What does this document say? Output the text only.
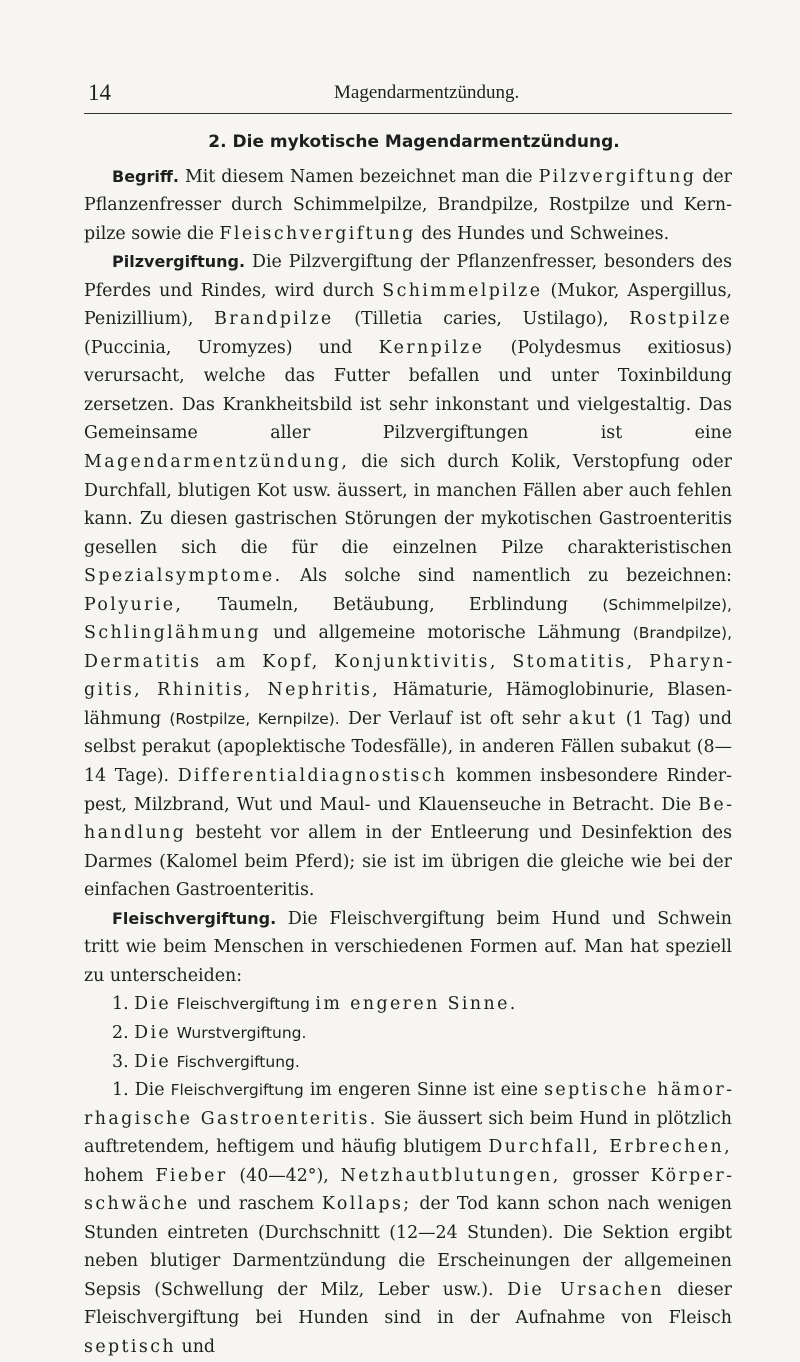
14	Magendarmentzündung.
2. Die mykotische Magendarmentzündung.

Begriff. Mit diesem Namen bezeichnet man die Pilzvergiftung der Pflanzenfresser durch Schimmelpilze, Brandpilze, Rostpilze und Kernpilze sowie die Fleischvergiftung des Hundes und Schweines.

Pilzvergiftung. Die Pilzvergiftung der Pflanzenfresser, besonders des Pferdes und Rindes, wird durch Schimmelpilze (Mukor, Aspergillus, Penizillium), Brandpilze (Tilletia caries, Ustilago), Rostpilze (Puccinia, Uromyzes) und Kernpilze (Polydesmus exitiosus) verursacht, welche das Futter befallen und unter Toxinbildung zersetzen. Das Krankheitsbild ist sehr inkonstant und vielgestaltig. Das Gemeinsame aller Pilzvergiftungen ist eine Magendarmentzündung, die sich durch Kolik, Verstopfung oder Durchfall, blutigen Kot usw. äussert, in manchen Fällen aber auch fehlen kann. Zu diesen gastrischen Störungen der mykotischen Gastroenteritis gesellen sich die für die einzelnen Pilze charakteristischen Spezialsymptome. Als solche sind namentlich zu bezeichnen: Polyurie, Taumeln, Betäubung, Erblindung (Schimmelpilze), Schlinglähmung und allgemeine motorische Lähmung (Brandpilze), Dermatitis am Kopf, Konjunktivitis, Stomatitis, Pharyngitis, Rhinitis, Nephritis, Hämaturie, Hämoglobinurie, Blasenlähmung (Rostpilze, Kernpilze). Der Verlauf ist oft sehr akut (1 Tag) und selbst perakut (apoplektische Todesfälle), in anderen Fällen subakut (8—14 Tage). Differentialdiagnostisch kommen insbesondere Rinderpest, Milzbrand, Wut und Maul- und Klauenseuche in Betracht. Die Behandlung besteht vor allem in der Entleerung und Desinfektion des Darmes (Kalomel beim Pferd); sie ist im übrigen die gleiche wie bei der einfachen Gastroenteritis.

Fleischvergiftung. Die Fleischvergiftung beim Hund und Schwein tritt wie beim Menschen in verschiedenen Formen auf. Man hat speziell zu unterscheiden:

1. Die Fleischvergiftung im engeren Sinne.
2. Die Wurstvergiftung.
3. Die Fischvergiftung.

1. Die Fleischvergiftung im engeren Sinne ist eine septische hämorrhagische Gastroenteritis. Sie äussert sich beim Hund in plötzlich auftretendem, heftigem und häufig blutigem Durchfall, Erbrechen, hohem Fieber (40—42°), Netzhautblutungen, grosser Körperschwäche und raschem Kollaps; der Tod kann schon nach wenigen Stunden eintreten (Durchschnitt (12—24 Stunden). Die Sektion ergibt neben blutiger Darmentzündung die Erscheinungen der allgemeinen Sepsis (Schwellung der Milz, Leber usw.). Die Ursachen dieser Fleischvergiftung bei Hunden sind in der Aufnahme von Fleisch septisch und
